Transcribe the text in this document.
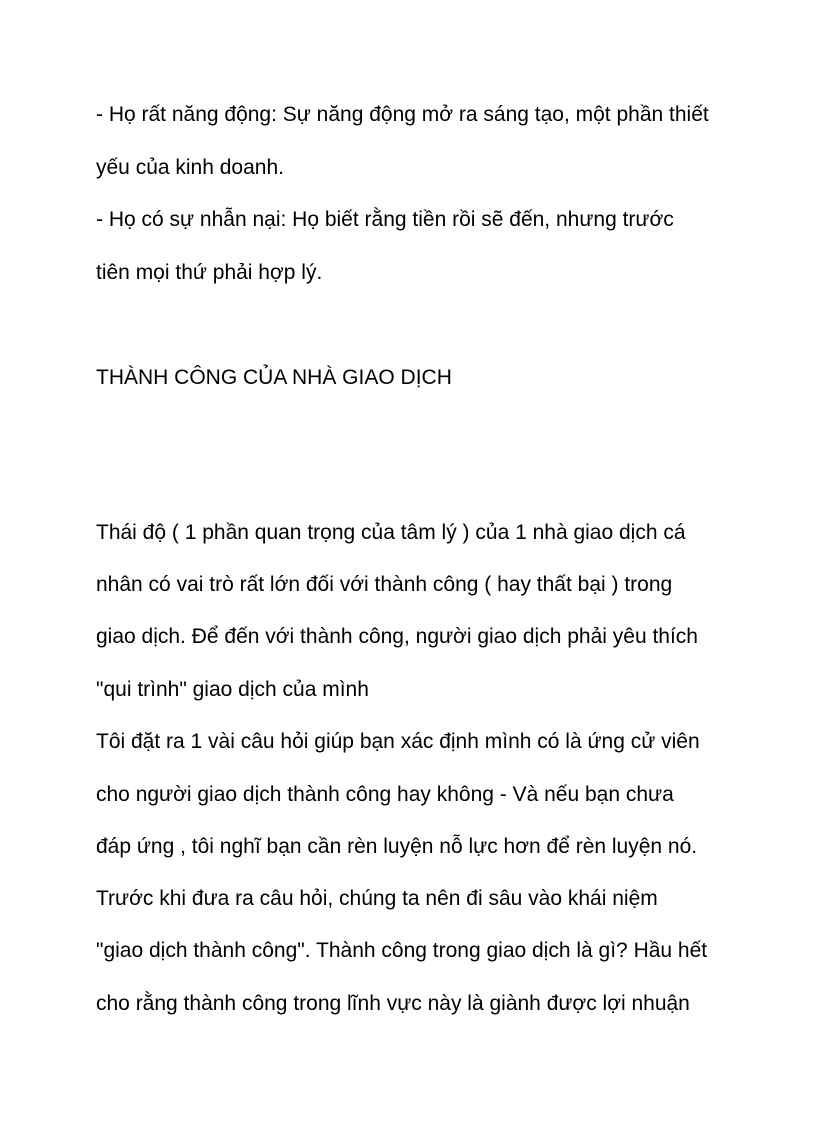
- Họ rất năng động: Sự năng động mở ra sáng tạo, một phần thiết

yếu của kinh doanh.

- Họ có sự nhẫn nại: Họ biết rằng tiền rồi sẽ đến, nhưng trước

tiên mọi thứ phải hợp lý.

THÀNH CÔNG CỦA NHÀ GIAO DỊCH

Thái độ ( 1 phần quan trọng của tâm lý ) của 1 nhà giao dịch cá

nhân có vai trò rất lớn đối với thành công ( hay thất bại ) trong

giao dịch. Để đến với thành công, người giao dịch phải yêu thích

"qui trình" giao dịch của mình

Tôi đặt ra 1 vài câu hỏi giúp bạn xác định mình có là ứng cử viên

cho người giao dịch thành công hay không - Và nếu bạn chưa

đáp ứng , tôi nghĩ bạn cần rèn luyện nỗ lực hơn để rèn luyện nó.

Trước khi đưa ra câu hỏi, chúng ta nên đi sâu vào khái niệm

"giao dịch thành công". Thành công trong giao dịch là gì? Hầu hết

cho rằng thành công trong lĩnh vực này là giành được lợi nhuận
